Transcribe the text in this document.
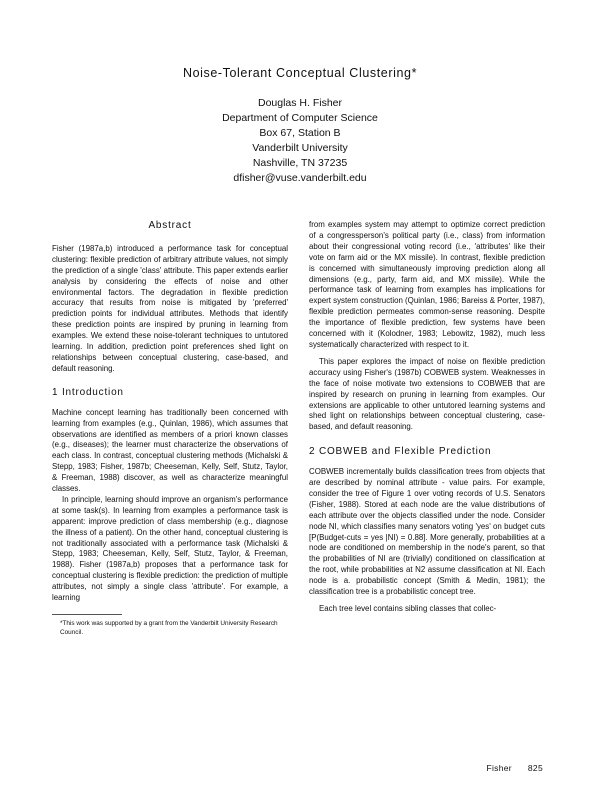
Noise-Tolerant Conceptual Clustering*
Douglas H. Fisher
Department of Computer Science
Box 67, Station B
Vanderbilt University
Nashville, TN 37235
dfisher@vuse.vanderbilt.edu
Abstract

Fisher (1987a,b) introduced a performance task for conceptual clustering: flexible prediction of arbitrary attribute values, not simply the prediction of a single 'class' attribute. This paper extends earlier analysis by considering the effects of noise and other environmental factors. The degradation in flexible prediction accuracy that results from noise is mitigated by 'preferred' prediction points for individual attributes. Methods that identify these prediction points are inspired by pruning in learning from examples. We extend these noise-tolerant techniques to untutored learning. In addition, prediction point preferences shed light on relationships between conceptual clustering, case-based, and default reasoning.

1 Introduction

Machine concept learning has traditionally been concerned with learning from examples (e.g., Quinlan, 1986), which assumes that observations are identified as members of a priori known classes (e.g., diseases); the learner must characterize the observations of each class. In contrast, conceptual clustering methods (Michalski & Stepp, 1983; Fisher, 1987b; Cheeseman, Kelly, Self, Stutz, Taylor, & Freeman, 1988) discover, as well as characterize meaningful classes.

In principle, learning should improve an organism's performance at some task(s). In learning from examples a performance task is apparent: improve prediction of class membership (e.g., diagnose the illness of a patient). On the other hand, conceptual clustering is not traditionally associated with a performance task (Michalski & Stepp, 1983; Cheeseman, Kelly, Self, Stutz, Taylor, & Freeman, 1988). Fisher (1987a,b) proposes that a performance task for conceptual clustering is flexible prediction: the prediction of multiple attributes, not simply a single class 'attribute'. For example, a learning

*This work was supported by a grant from the Vanderbilt University Research Council.

from examples system may attempt to optimize correct prediction of a congressperson's political party (i.e., class) from information about their congressional voting record (i.e., 'attributes' like their vote on farm aid or the MX missile). In contrast, flexible prediction is concerned with simultaneously improving prediction along all dimensions (e.g., party, farm aid, and MX missile). While the performance task of learning from examples has implications for expert system construction (Quinlan, 1986; Bareiss & Porter, 1987), flexible prediction permeates common-sense reasoning. Despite the importance of flexible prediction, few systems have been concerned with it (Kolodner, 1983; Lebowitz, 1982), much less systematically characterized with respect to it.

This paper explores the impact of noise on flexible prediction accuracy using Fisher's (1987b) COBWEB system. Weaknesses in the face of noise motivate two extensions to COBWEB that are inspired by research on pruning in learning from examples. Our extensions are applicable to other untutored learning systems and shed light on relationships between conceptual clustering, case-based, and default reasoning.

2 COBWEB and Flexible Prediction

COBWEB incrementally builds classification trees from objects that are described by nominal attribute - value pairs. For example, consider the tree of Figure 1 over voting records of U.S. Senators (Fisher, 1988). Stored at each node are the value distributions of each attribute over the objects classified under the node. Consider node NI, which classifies many senators voting 'yes' on budget cuts [P(Budget-cuts = yes |NI) = 0.88]. More generally, probabilities at a node are conditioned on membership in the node's parent, so that the probabilities of NI are (trivially) conditioned on classification at the root, while probabilities at N2 assume classification at NI. Each node is a. probabilistic concept (Smith & Medin, 1981); the classification tree is a probabilistic concept tree.

Each tree level contains sibling classes that collec-

Fisher 825
